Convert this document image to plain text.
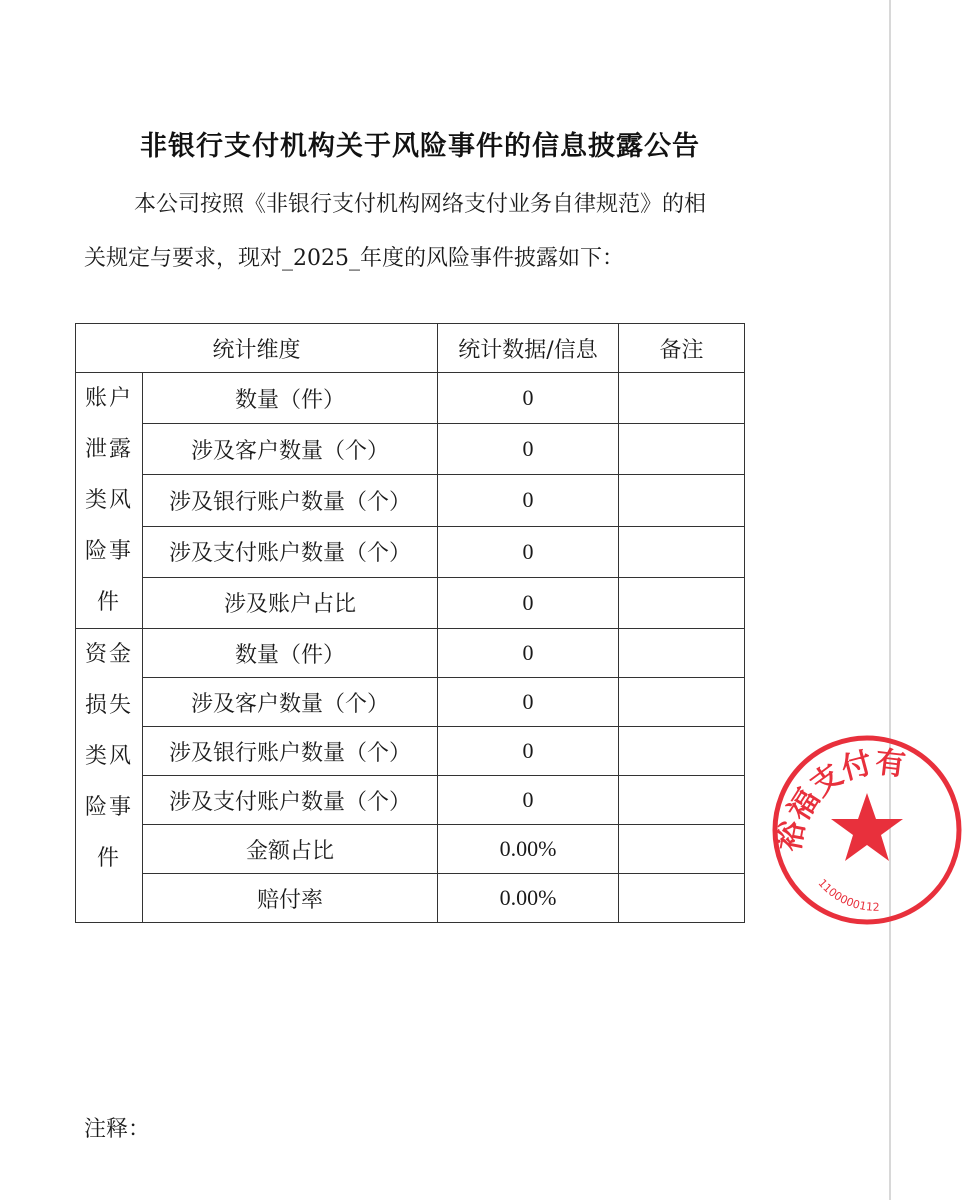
非银行支付机构关于风险事件的信息披露公告
本公司按照《非银行支付机构网络支付业务自律规范》的相
关规定与要求，现对_2025_年度的风险事件披露如下：
统计维度		统计数据/信息	备注

账户
泄露
类风
险事
件	数量（件）	0	
	涉及客户数量（个）	0	
	涉及银行账户数量（个）	0	
	涉及支付账户数量（个）	0	
	涉及账户占比	0	

资金
损失
类风
险事
件	数量（件）	0	
	涉及客户数量（个）	0	
	涉及银行账户数量（个）	0	
	涉及支付账户数量（个）	0	
	金额占比	0.00%	
	赔付率	0.00%	
裕福支付有
1100000112
注释：
